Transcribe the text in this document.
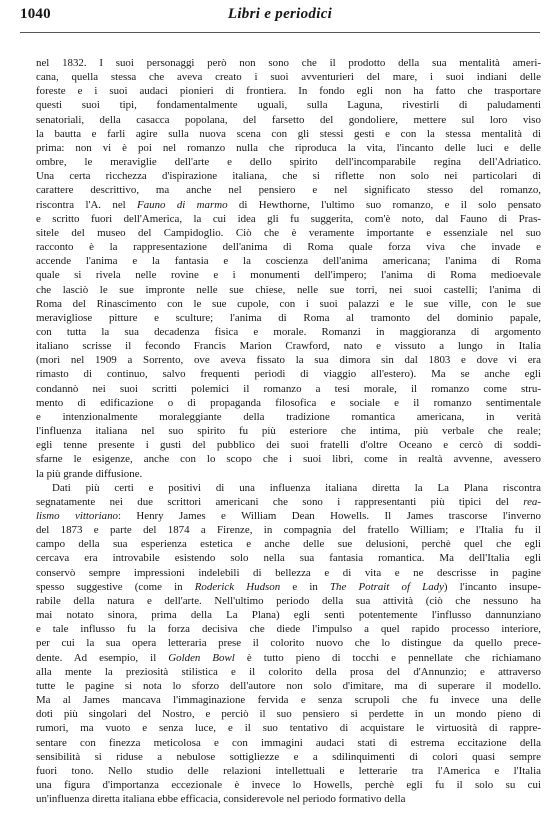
1040	Libri e periodici
nel 1832. I suoi personaggi però non sono che il prodotto della sua mentalità ameri-
cana, quella stessa che aveva creato i suoi avventurieri del mare, i suoi indiani delle
foreste e i suoi audaci pionieri di frontiera. In fondo egli non ha fatto che trasportare
questi suoi tipi, fondamentalmente uguali, sulla Laguna, rivestirli di paludamenti
senatoriali, della casacca popolana, del farsetto del gondoliere, mettere sul loro viso
la bautta e farli agire sulla nuova scena con gli stessi gesti e con la stessa mentalità di
prima: non vi è poi nel romanzo nulla che riproduca la vita, l'incanto delle luci e delle
ombre, le meraviglie dell'arte e dello spirito dell'incomparabile regina dell'Adriatico.
Una certa ricchezza d'ispirazione italiana, che si riflette non solo nei particolari di
carattere descrittivo, ma anche nel pensiero e nel significato stesso del romanzo,
riscontra l'A. nel Fauno di marmo di Hewthorne, l'ultimo suo romanzo, e il solo pensato
e scritto fuori dell'America, la cui idea gli fu suggerita, com'è noto, dal Fauno di Pras-
sitele del museo del Campidoglio. Ciò che è veramente importante e essenziale nel suo
racconto è la rappresentazione dell'anima di Roma quale forza viva che invade e
accende l'anima e la fantasia e la coscienza dell'anima americana; l'anima di Roma
quale si rivela nelle rovine e i monumenti dell'impero; l'anima di Roma medioevale
che lasciò le sue impronte nelle sue chiese, nelle sue torri, nei suoi castelli; l'anima di
Roma del Rinascimento con le sue cupole, con i suoi palazzi e le sue ville, con le sue
meravigliose pitture e sculture; l'anima di Roma al tramonto del dominio papale,
con tutta la sua decadenza fisica e morale. Romanzi in maggioranza di argomento
italiano scrisse il fecondo Francis Marion Crawford, nato e vissuto a lungo in Italia
(morì nel 1909 a Sorrento, ove aveva fissato la sua dimora sin dal 1803 e dove vi era
rimasto di continuo, salvo frequenti periodi di viaggio all'estero). Ma se anche egli
condannò nei suoi scritti polemici il romanzo a tesi morale, il romanzo come stru-
mento di edificazione o di propaganda filosofica e sociale e il romanzo sentimentale
e intenzionalmente moraleggiante della tradizione romantica americana, in verità
l'influenza italiana nel suo spirito fu più esteriore che intima, più verbale che reale;
egli tenne presente i gusti del pubblico dei suoi fratelli d'oltre Oceano e cercò di soddi-
sfarne le esigenze, anche con lo scopo che i suoi libri, come in realtà avvenne, avessero
la più grande diffusione.
Dati più certi e positivi di una influenza italiana diretta la La Plana riscontra
segnatamente nei due scrittori americani che sono i rappresentanti più tipici del rea-
lismo vittoriano: Henry James e William Dean Howells. Il James trascorse l'inverno
del 1873 e parte del 1874 a Firenze, in compagnia del fratello William; e l'Italia fu il
campo della sua esperienza estetica e anche delle sue delusioni, perchè quel che egli
cercava era introvabile esistendo solo nella sua fantasia romantica. Ma dell'Italia egli
conservò sempre impressioni indelebili di bellezza e di vita e ne descrisse in pagine
spesso suggestive (come in Roderick Hudson e in The Potrait of Lady) l'incanto insupe-
rabile della natura e dell'arte. Nell'ultimo periodo della sua attività (ciò che nessuno ha
mai notato sinora, prima della La Plana) egli sentì potentemente l'influsso dannunziano
e tale influsso fu la forza decisiva che diede l'impulso a quel rapido processo interiore,
per cui la sua opera letteraria prese il colorito nuovo che lo distingue da quello prece-
dente. Ad esempio, il Golden Bowl è tutto pieno di tocchi e pennellate che richiamano
alla mente la preziosità stilistica e il colorito della prosa del d'Annunzio; e attraverso
tutte le pagine si nota lo sforzo dell'autore non solo d'imitare, ma di superare il modello.
Ma al James mancava l'immaginazione fervida e senza scrupoli che fu invece una delle
doti più singolari del Nostro, e perciò il suo pensiero si perdette in un mondo pieno di
rumori, ma vuoto e senza luce, e il suo tentativo di acquistare le virtuosità di rappre-
sentare con finezza meticolosa e con immagini audaci stati di estrema eccitazione della
sensibilità si riduse a nebulose sottigliezze e a sdilinquimenti di colori quasi sempre
fuori tono. Nello studio delle relazioni intellettuali e letterarie tra l'America e l'Italia
una figura d'importanza eccezionale è invece lo Howells, perchè egli fu il solo su cui
un'influenza diretta italiana ebbe efficacia, considerevole nel periodo formativo della
